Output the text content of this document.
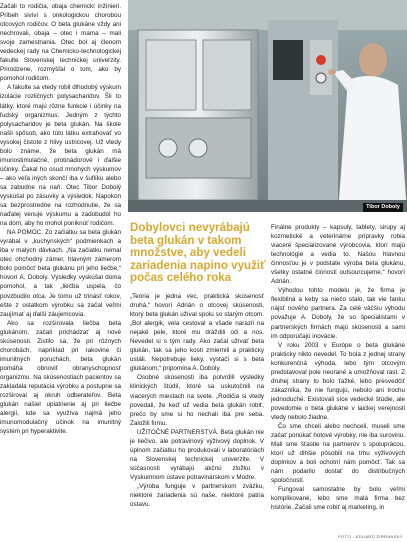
Tibor Doboly
Dobylovci nevyrábajú beta glukán v takom množstve, aby vedeli zariadenia napino využiť počas celého roka

Začali to rodičia, obaja chemickí inžinieri. Príbeh siviví s onkologickou chorobou otcových rodičov. O beta glukáne vždy ani nechrovali, obaja – otec i mama – mali svoje zamestnania. Otec bol aj členom vedeckej rady na Chemicko-technologickej fakulte Slovenskej technickej univerzity. Prirodzene, rozmýšľal o tom, ako by pomohol rodičom.

A fakulte sa vtedy robil dlhodobý výskum izolácie rozličných polysacharidov. Šli to látky, ktoré majú rôzne funkcie i účinky na ľudský organizmus. Jedným z týchto polysacharidov je beta glukán. Na škole našli spôsob, ako túto látku extrahovať vo vysokej čistote z hlivy ustricovej. Už vtedy bolo známe, že beta glukán má imunostimulačné, protinádorové i ďalšie účinky. Čakal ho osud mnohých výskumov – ako veľa iných skončí iba v šuflíku alebo sa zabudne na naň. Otec Tibor Dobolý vyskúšal po zásuvky a výsledok. Napokon sa bezprostredne na rozhodnutie, že sa naďalej venuje výskumu a zadobudol ho na dom, aby ho mohol poniknúť rodičom.

NA POMOC. Zo začiatku sa beta glukán vyrábal v „kuchynských“ podmienkach a iba v malých dávkach. „Na začiatku nemal otec ohchodný zámer, hlavným zámerom bolo pomôcť beta glukánu pri jeho liečbe,“ hovorí A. Doboly. Výsledky vyskúšal doma pomohol, a tak „liečba uspela, čo povzbudilo otca. Je tomu už trinásť rokov, ešte z ostatkom výrobku sa začal veľmi zaujímať aj ďalší záujemcovia.

Ako sa rozširovala liečba beta glukánom, začali prichádzať aj nové skúsenosti. Zistilo sa, že pri rôznych chorobách, napríklad pri rakovine či imunitných poruchách, beta glukán pomáha obnoviť obranyschopnosť organizmu. Na skúsenostiach pacientov sa zakladala reputácia výrobku a postupne sa rozširoval aj okruh odberateľov. Beta glukán našiel uplatnenie aj pri liečbe alergií, kde sa využíva najmä jeho imunomodulačný účinok na imunitný systém pri hyperaktivite.

„Teória je jedna vec, praktická skúsenosť druhá,“ hovorí Adrián o otcovej skúsenosti, ktorý beta glukán užíval spolu so starým otcom. „Bol alergik, vela cestoval a všade narazil na nejaké pele, ktoré mu dráždili oči a nos. Nevedel si s tým rady. Ako začal užívať beta glukán, tak sa jeho kosti zmiernili a prakticky ustáli. Nepotrebuje lieky, vystačí si s beta glukánom,“ pripomína A. Doboly.

Osobné skúsenosti iba potvrdili výsledky klinických štúdií, ktoré sa uskutočnili na viacerých miestach na svete. „Rodičia si vtedy povedali, že keď už vedia beta glukán robiť, prečo by sme si ho nechali iba pre seba. Založili firmu.

UŽITOČNÉ PARTNERSTVÁ. Beta glukán nie je liečivo, ale potravinový výživový doplnok. V úplnom začiatku ho produkovali v laboratóriách na Slovenskej technickej univerzite. V súčasnosti vyrábajú akčnú zložku v Výskumnom ústave potravinárskom v Modre.

„Výroba funguje v partnerskom zväzku, niektoré zariadenia sú naše, niektoré patria ústavu.

Finálne produkty – kapsuly, tablety, sirupy aj kozmetické a veterinárne prípravky robia viaceré špecializované výrobcovia, ktorí majú technológie a vedia to. Našou hlavnou činnosťou je v podstate výroba beta glukánu, všetky ostatné činnosti outsourcujeme,“ hovorí Adrián.

Výhodou tohto modelu je, že firma je flexibilná a keby sa niečo stalo, tak vie fanku nájsť nového partnera. Za celé väčšiu výhodu považuje A. Doboly, že so špecialistami v partnerských firmách majú skúsenosti a sami im odporúčajú inovácie.

V roku 2003 v Európe o beta glukáne prakticky nikto nevedel. To bola z jednej strany konkurenčná výhoda, lebo tým otcovým predstavoval pole neorané a umožňoval rast. Z druhej strany to bolo ťažké, lebo presvedčiť zákazníka, že nie fungujú, nebolo ani trochu jednoduché. Existovali síce vedecké štúdie, ale povedomie o beta glukáne v laickej verejnosti vtedy nebolo žiadne.

Čo sme chceli alebo nechceli, museli sme začať ponúkať hotové výrobky, nie iba surovinu. Mali sme šťastie na partnerov s spoluprácou, ktorí už dlhšie pôsobili na trhu výživových doplnkov a boli ochotní nám pomôcť. Tak sa nám podarilo dostať do distribučných spoločností.

Fungoval samostatne by bolo veľmi komplikované, lebo sme malá firma bez histórie. Začali sme robiť aj marketing, in

FOTO - EDUARD ŽIRRANSKÝ
